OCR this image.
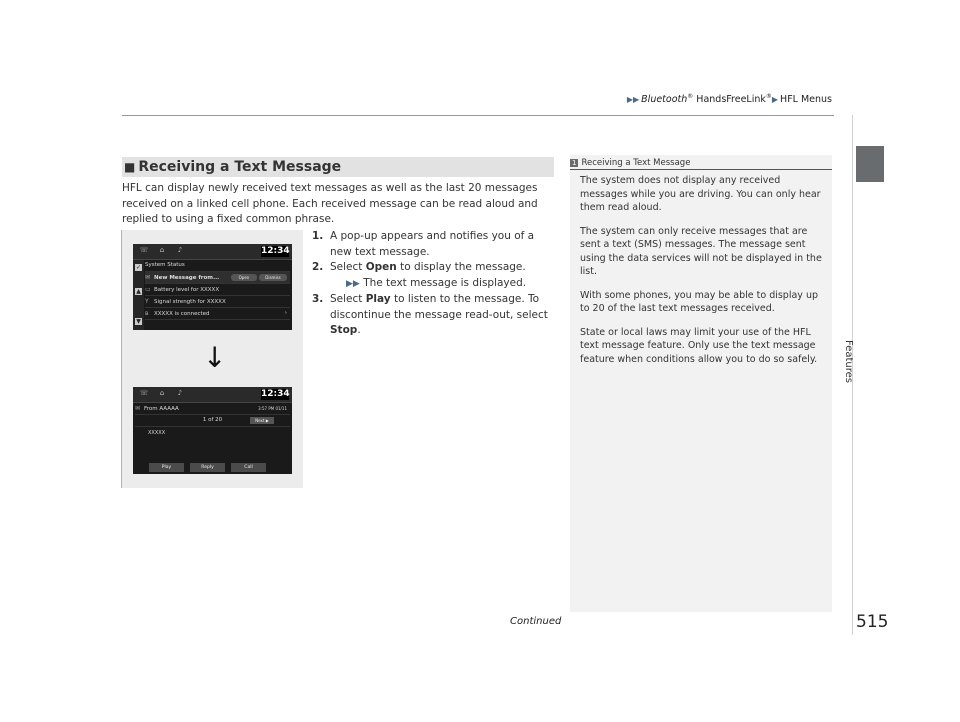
▶▶ Bluetooth® HandsFreeLink®▶ HFL Menus
Features
■ Receiving a Text Message
HFL can display newly received text messages as well as the last 20 messages received on a linked cell phone. Each received message can be read aloud and replied to using a fixed common phrase.
1. A pop-up appears and notifies you of a new text message.
2. Select Open to display the message.
▶▶ The text message is displayed.
3. Select Play to listen to the message. To discontinue the message read-out, select Stop.
☏	⌂	♪	12:34
✓
▲
▼
System Status
✉ New Message from...	Open	Dismiss
▭ Battery level for XXXXX
Y Signal strength for XXXXX
ʙ XXXXX is connected	›
↓
☏	⌂	♪	12:34
✉ From AAAAA	3:57 PM 01/11
1 of 20	Next ▶
XXXXX
Play	Reply	Call
1 Receiving a Text Message

The system does not display any received messages while you are driving. You can only hear them read aloud.

The system can only receive messages that are sent a text (SMS) messages. The message sent using the data services will not be displayed in the list.

With some phones, you may be able to display up to 20 of the last text messages received.

State or local laws may limit your use of the HFL text message feature. Only use the text message feature when conditions allow you to do so safely.

Continued	515
